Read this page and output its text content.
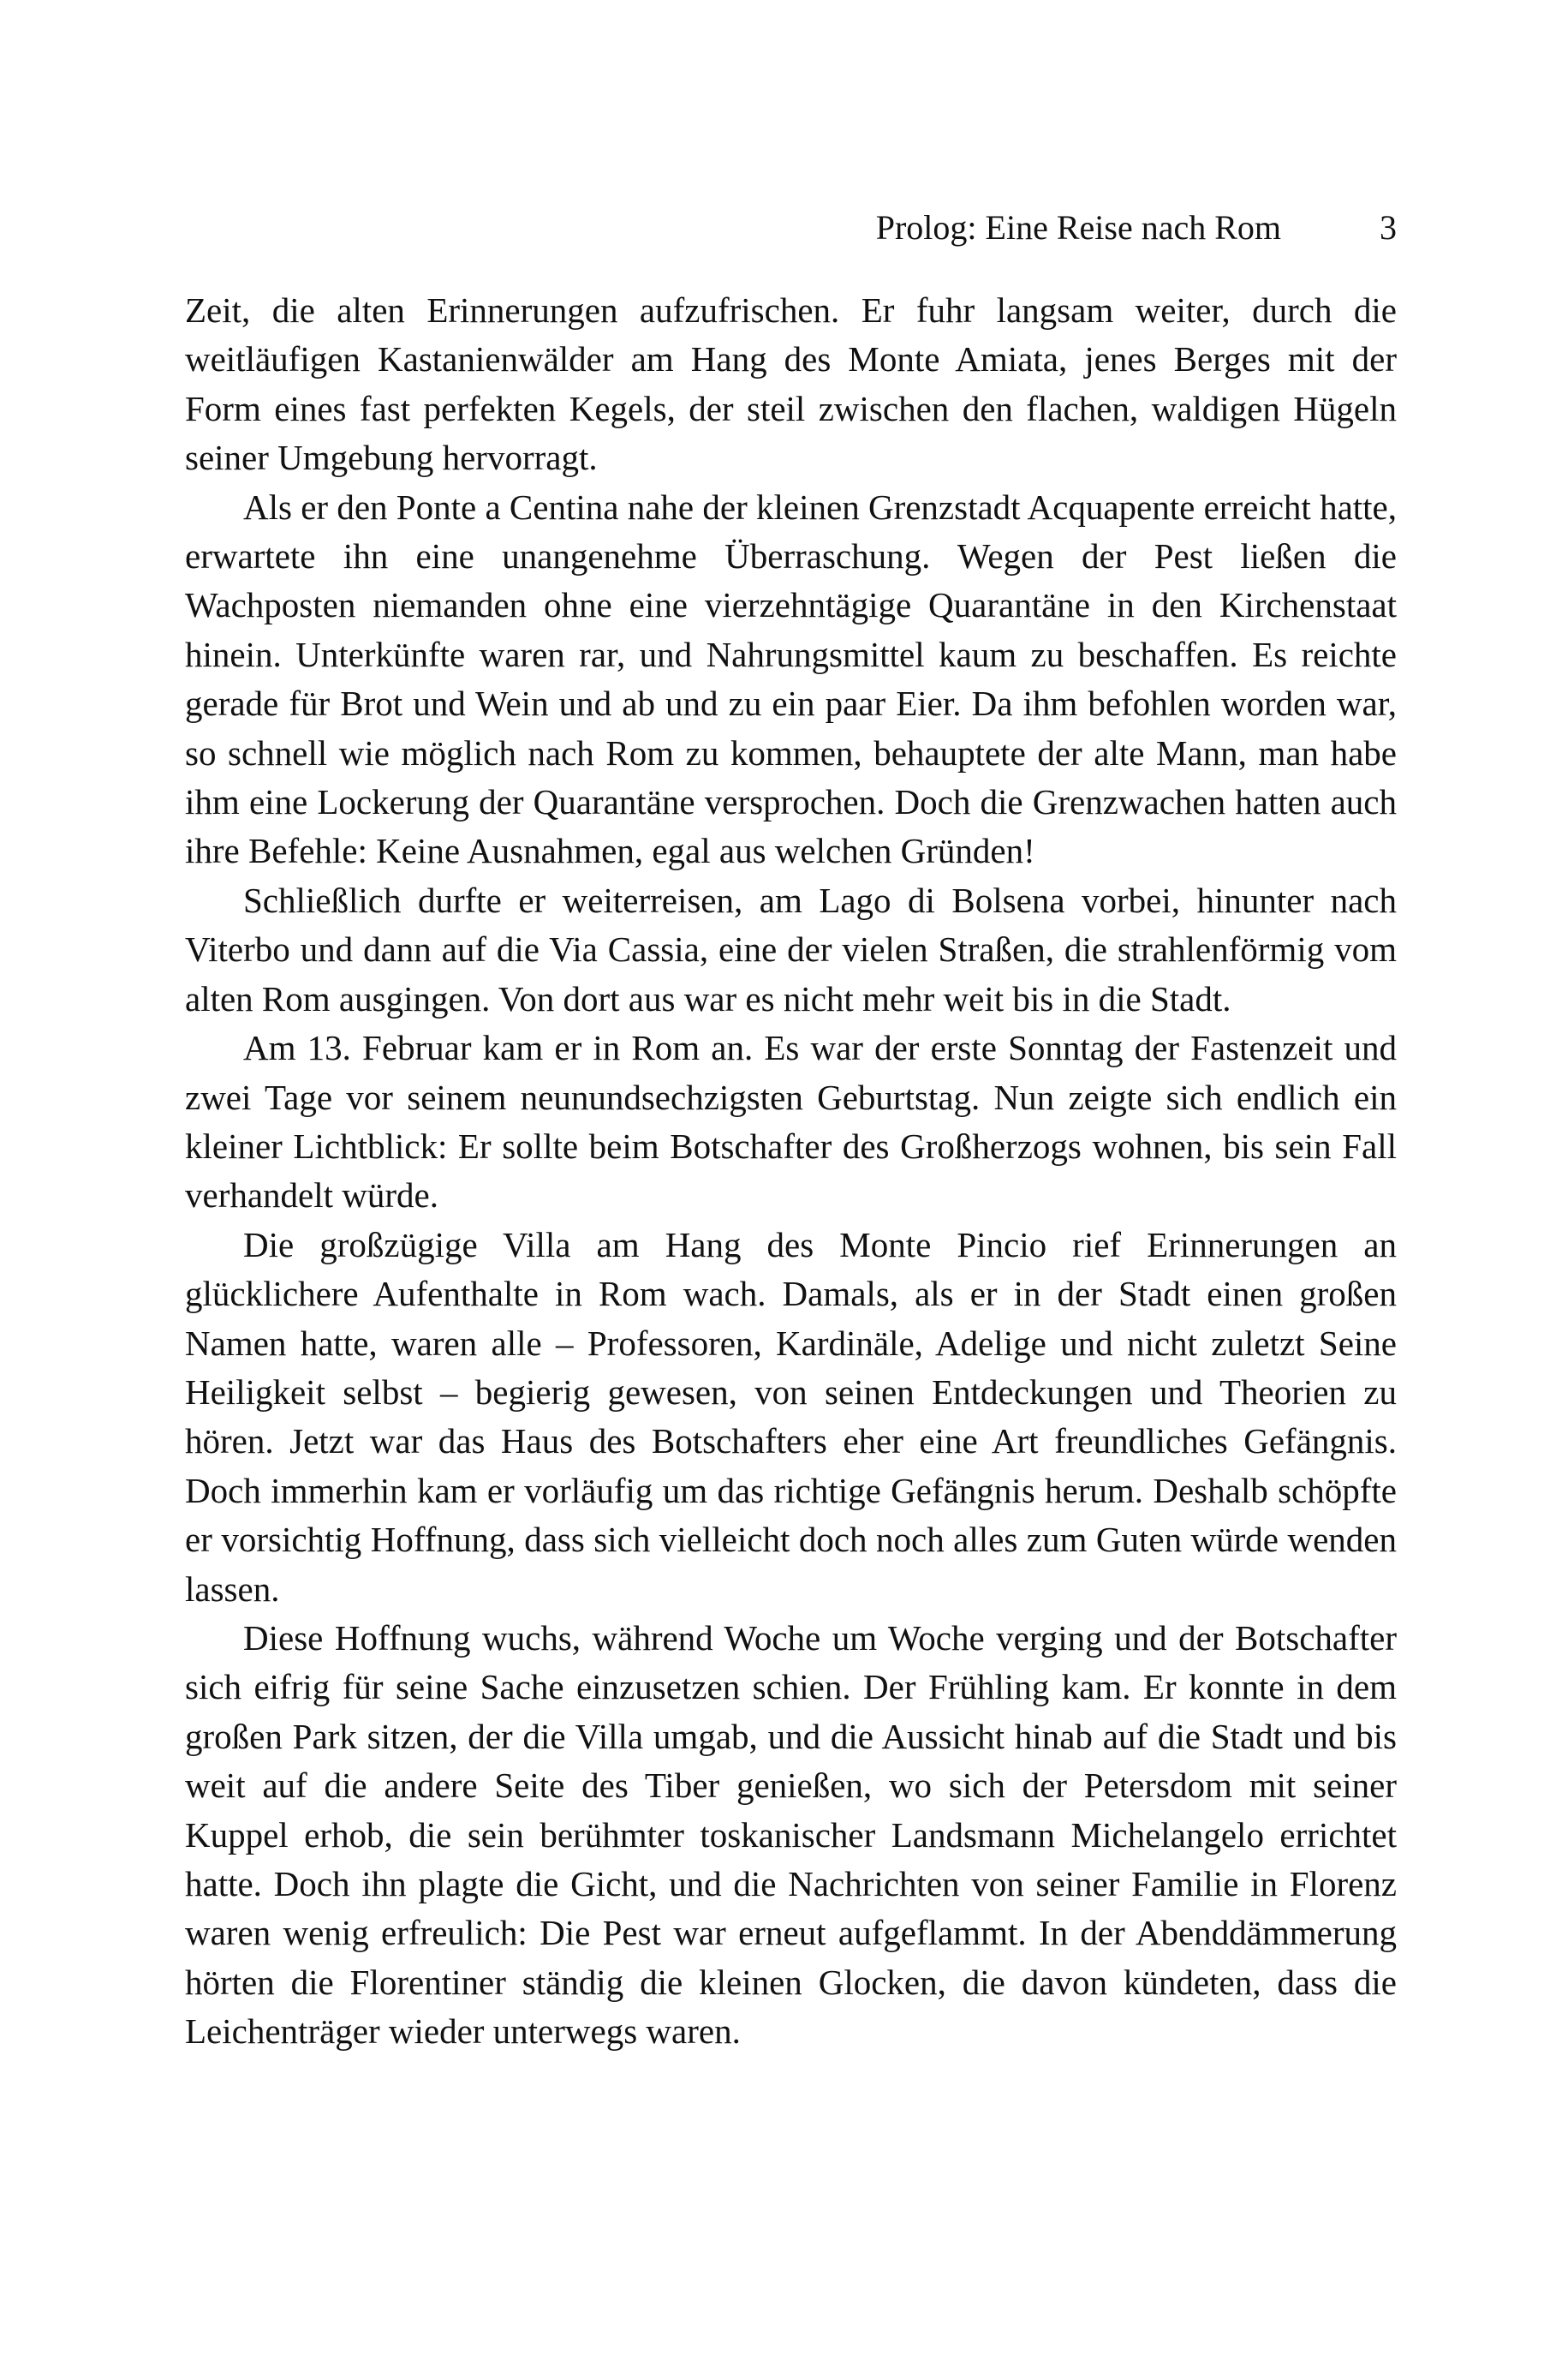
Prolog: Eine Reise nach Rom	3

Zeit, die alten Erinnerungen aufzufrischen. Er fuhr langsam weiter, durch die weitläufigen Kastanienwälder am Hang des Monte Amiata, jenes Berges mit der Form eines fast perfekten Kegels, der steil zwischen den flachen, waldigen Hügeln seiner Umgebung hervorragt.

Als er den Ponte a Centina nahe der kleinen Grenzstadt Acquapente erreicht hatte, erwartete ihn eine unangenehme Überraschung. Wegen der Pest ließen die Wachposten niemanden ohne eine vierzehntägige Quarantäne in den Kirchenstaat hinein. Unterkünfte waren rar, und Nahrungsmittel kaum zu beschaffen. Es reichte gerade für Brot und Wein und ab und zu ein paar Eier. Da ihm befohlen worden war, so schnell wie möglich nach Rom zu kommen, behauptete der alte Mann, man habe ihm eine Lockerung der Quarantäne versprochen. Doch die Grenzwachen hatten auch ihre Befehle: Keine Ausnahmen, egal aus welchen Gründen!

Schließlich durfte er weiterreisen, am Lago di Bolsena vorbei, hinunter nach Viterbo und dann auf die Via Cassia, eine der vielen Straßen, die strahlenförmig vom alten Rom ausgingen. Von dort aus war es nicht mehr weit bis in die Stadt.

Am 13. Februar kam er in Rom an. Es war der erste Sonntag der Fastenzeit und zwei Tage vor seinem neunundsechzigsten Geburtstag. Nun zeigte sich endlich ein kleiner Lichtblick: Er sollte beim Botschafter des Großherzogs wohnen, bis sein Fall verhandelt würde.

Die großzügige Villa am Hang des Monte Pincio rief Erinnerungen an glücklichere Aufenthalte in Rom wach. Damals, als er in der Stadt einen großen Namen hatte, waren alle – Professoren, Kardinäle, Adelige und nicht zuletzt Seine Heiligkeit selbst – begierig gewesen, von seinen Entdeckungen und Theorien zu hören. Jetzt war das Haus des Botschafters eher eine Art freundliches Gefängnis. Doch immerhin kam er vorläufig um das richtige Gefängnis herum. Deshalb schöpfte er vorsichtig Hoffnung, dass sich vielleicht doch noch alles zum Guten würde wenden lassen.

Diese Hoffnung wuchs, während Woche um Woche verging und der Botschafter sich eifrig für seine Sache einzusetzen schien. Der Frühling kam. Er konnte in dem großen Park sitzen, der die Villa umgab, und die Aussicht hinab auf die Stadt und bis weit auf die andere Seite des Tiber genießen, wo sich der Petersdom mit seiner Kuppel erhob, die sein berühmter toskanischer Landsmann Michelangelo errichtet hatte. Doch ihn plagte die Gicht, und die Nachrichten von seiner Familie in Florenz waren wenig erfreulich: Die Pest war erneut aufgeflammt. In der Abenddämmerung hörten die Florentiner ständig die kleinen Glocken, die davon kündeten, dass die Leichenträger wieder unterwegs waren.
